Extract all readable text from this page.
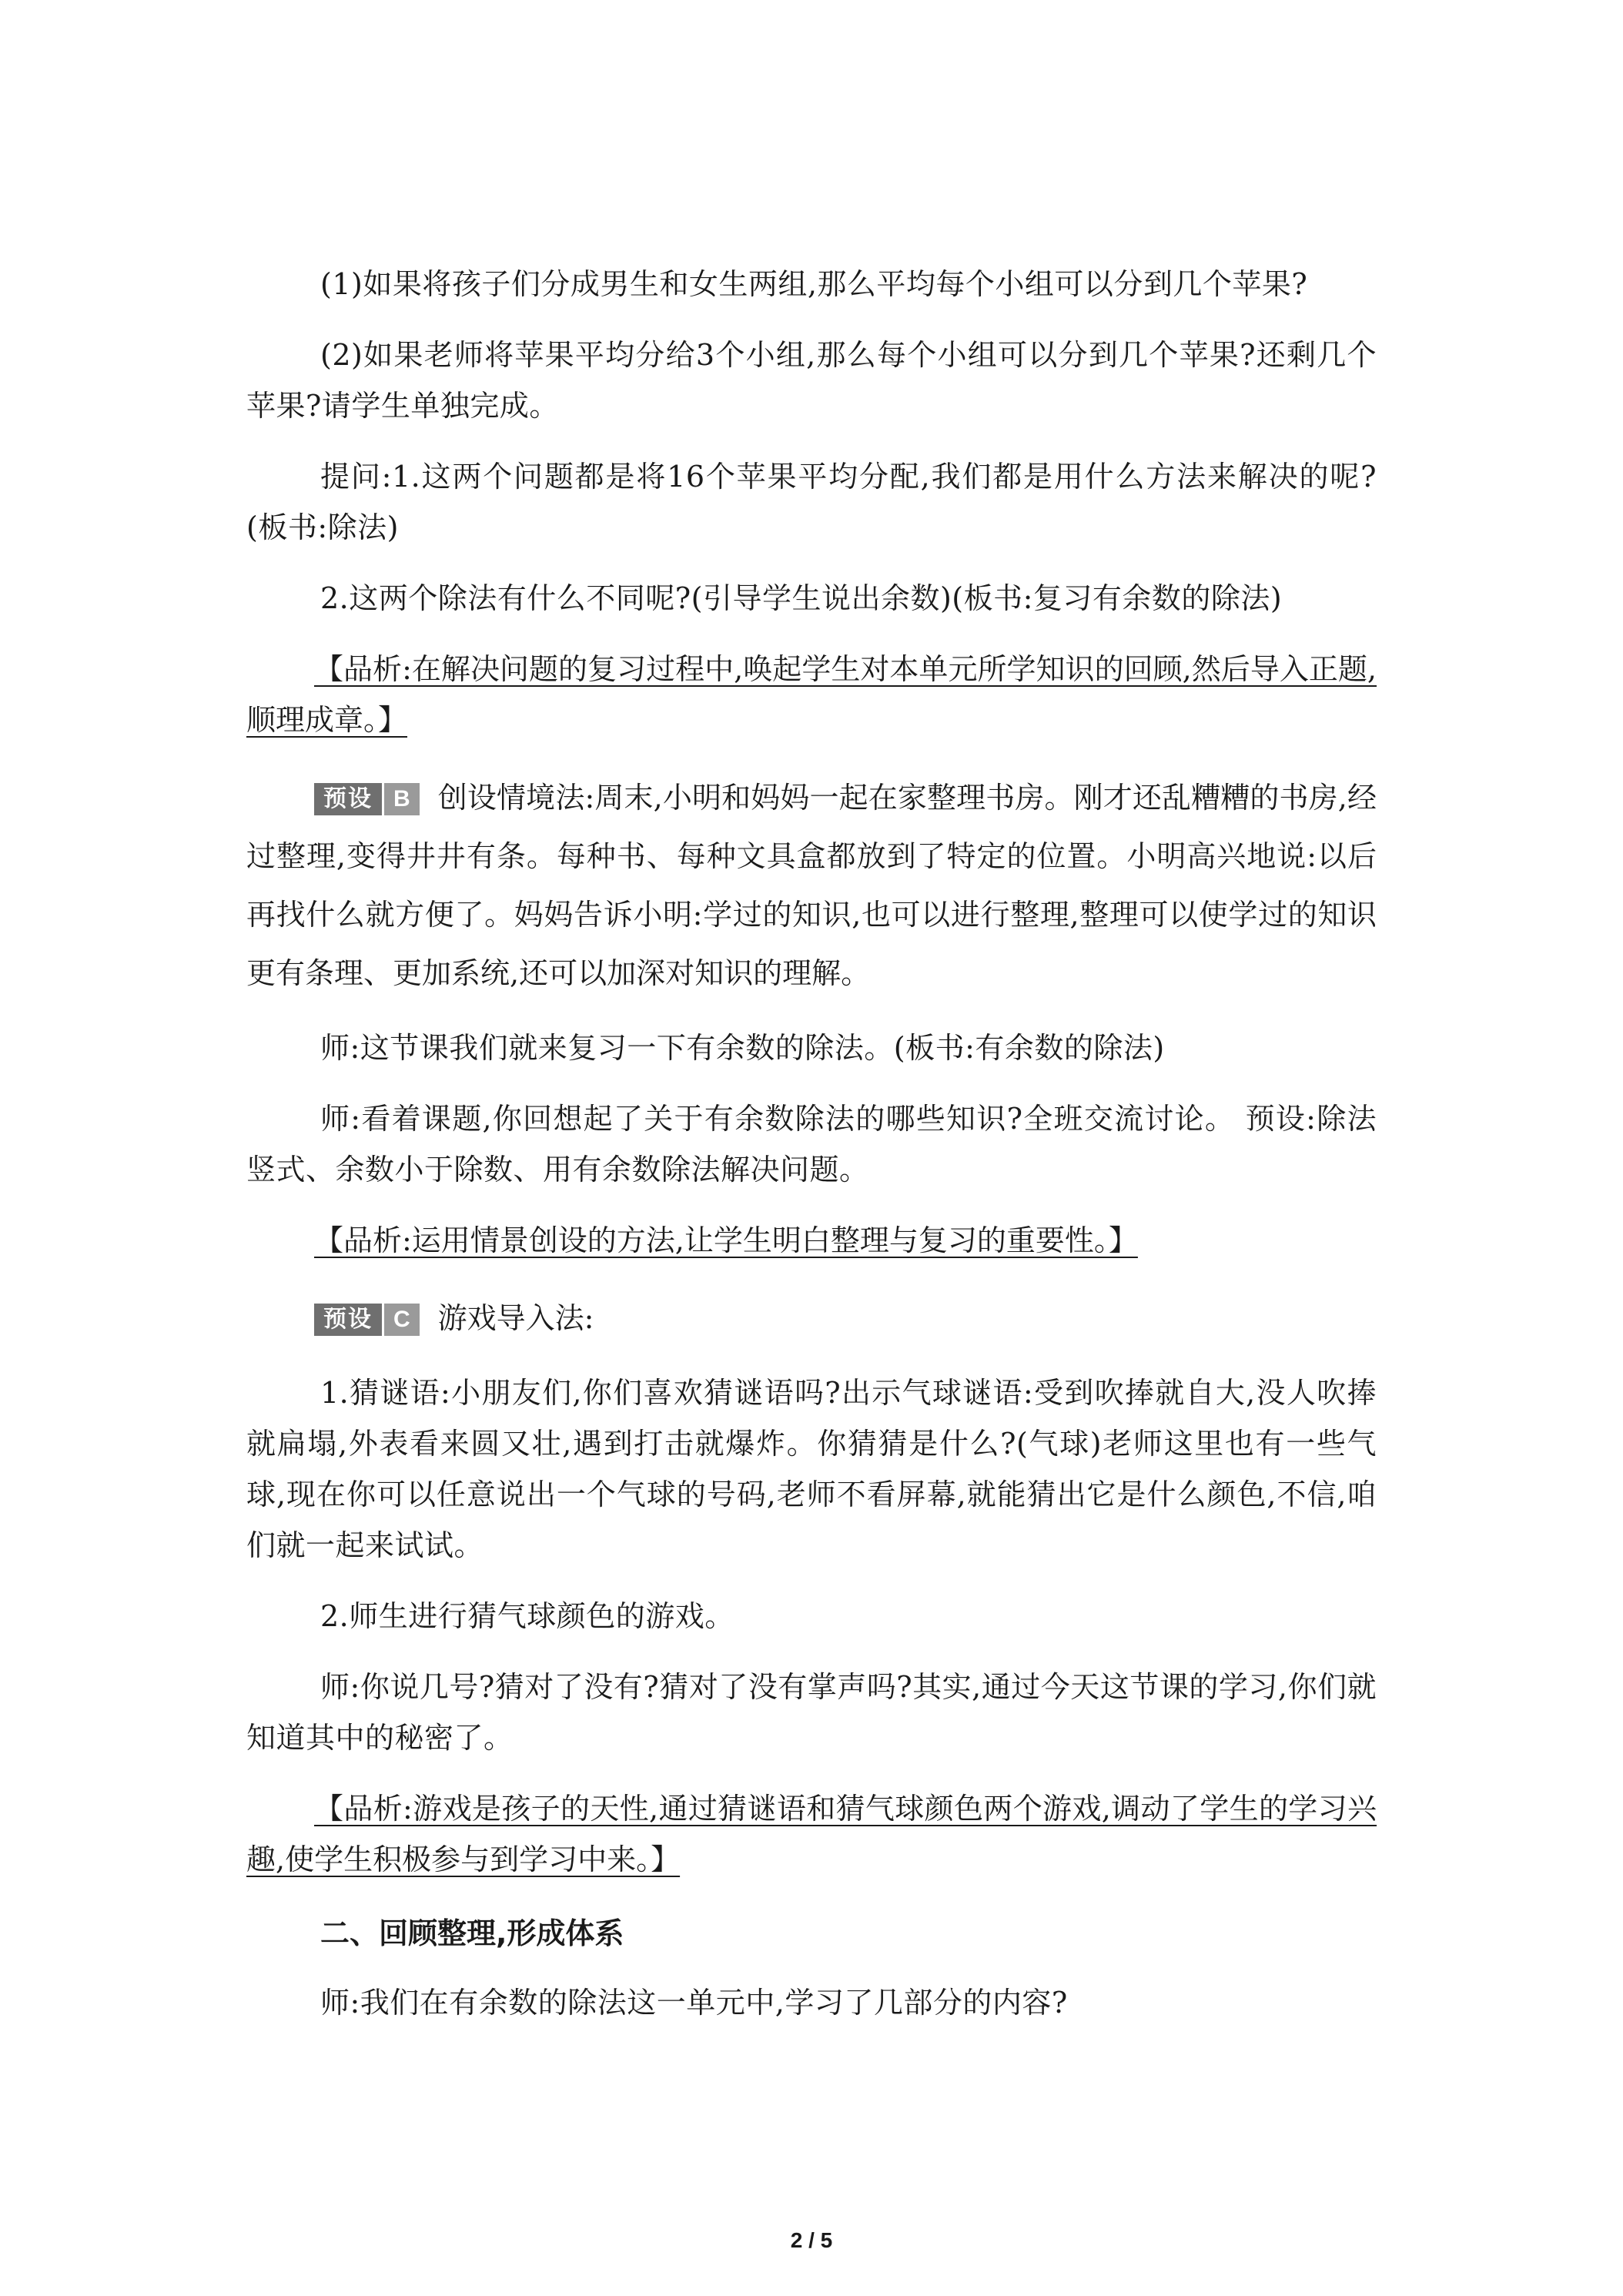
(1)如果将孩子们分成男生和女生两组,那么平均每个小组可以分到几个苹果?

(2)如果老师将苹果平均分给3个小组,那么每个小组可以分到几个苹果?还剩几个苹果?请学生单独完成。

提问:1.这两个问题都是将16个苹果平均分配,我们都是用什么方法来解决的呢?(板书:除法)

2.这两个除法有什么不同呢?(引导学生说出余数)(板书:复习有余数的除法)

【品析:在解决问题的复习过程中,唤起学生对本单元所学知识的回顾,然后导入正题,顺理成章。】

预设 B 创设情境法:周末,小明和妈妈一起在家整理书房。刚才还乱糟糟的书房,经过整理,变得井井有条。每种书、每种文具盒都放到了特定的位置。小明高兴地说:以后再找什么就方便了。妈妈告诉小明:学过的知识,也可以进行整理,整理可以使学过的知识更有条理、更加系统,还可以加深对知识的理解。

师:这节课我们就来复习一下有余数的除法。(板书:有余数的除法)

师:看着课题,你回想起了关于有余数除法的哪些知识?全班交流讨论。 预设:除法竖式、余数小于除数、用有余数除法解决问题。

【品析:运用情景创设的方法,让学生明白整理与复习的重要性。】

预设 C 游戏导入法:

1.猜谜语:小朋友们,你们喜欢猜谜语吗?出示气球谜语:受到吹捧就自大,没人吹捧就扁塌,外表看来圆又壮,遇到打击就爆炸。你猜猜是什么?(气球)老师这里也有一些气球,现在你可以任意说出一个气球的号码,老师不看屏幕,就能猜出它是什么颜色,不信,咱们就一起来试试。

2.师生进行猜气球颜色的游戏。

师:你说几号?猜对了没有?猜对了没有掌声吗?其实,通过今天这节课的学习,你们就知道其中的秘密了。

【品析:游戏是孩子的天性,通过猜谜语和猜气球颜色两个游戏,调动了学生的学习兴趣,使学生积极参与到学习中来。】

二、回顾整理,形成体系

师:我们在有余数的除法这一单元中,学习了几部分的内容?

2 / 5
